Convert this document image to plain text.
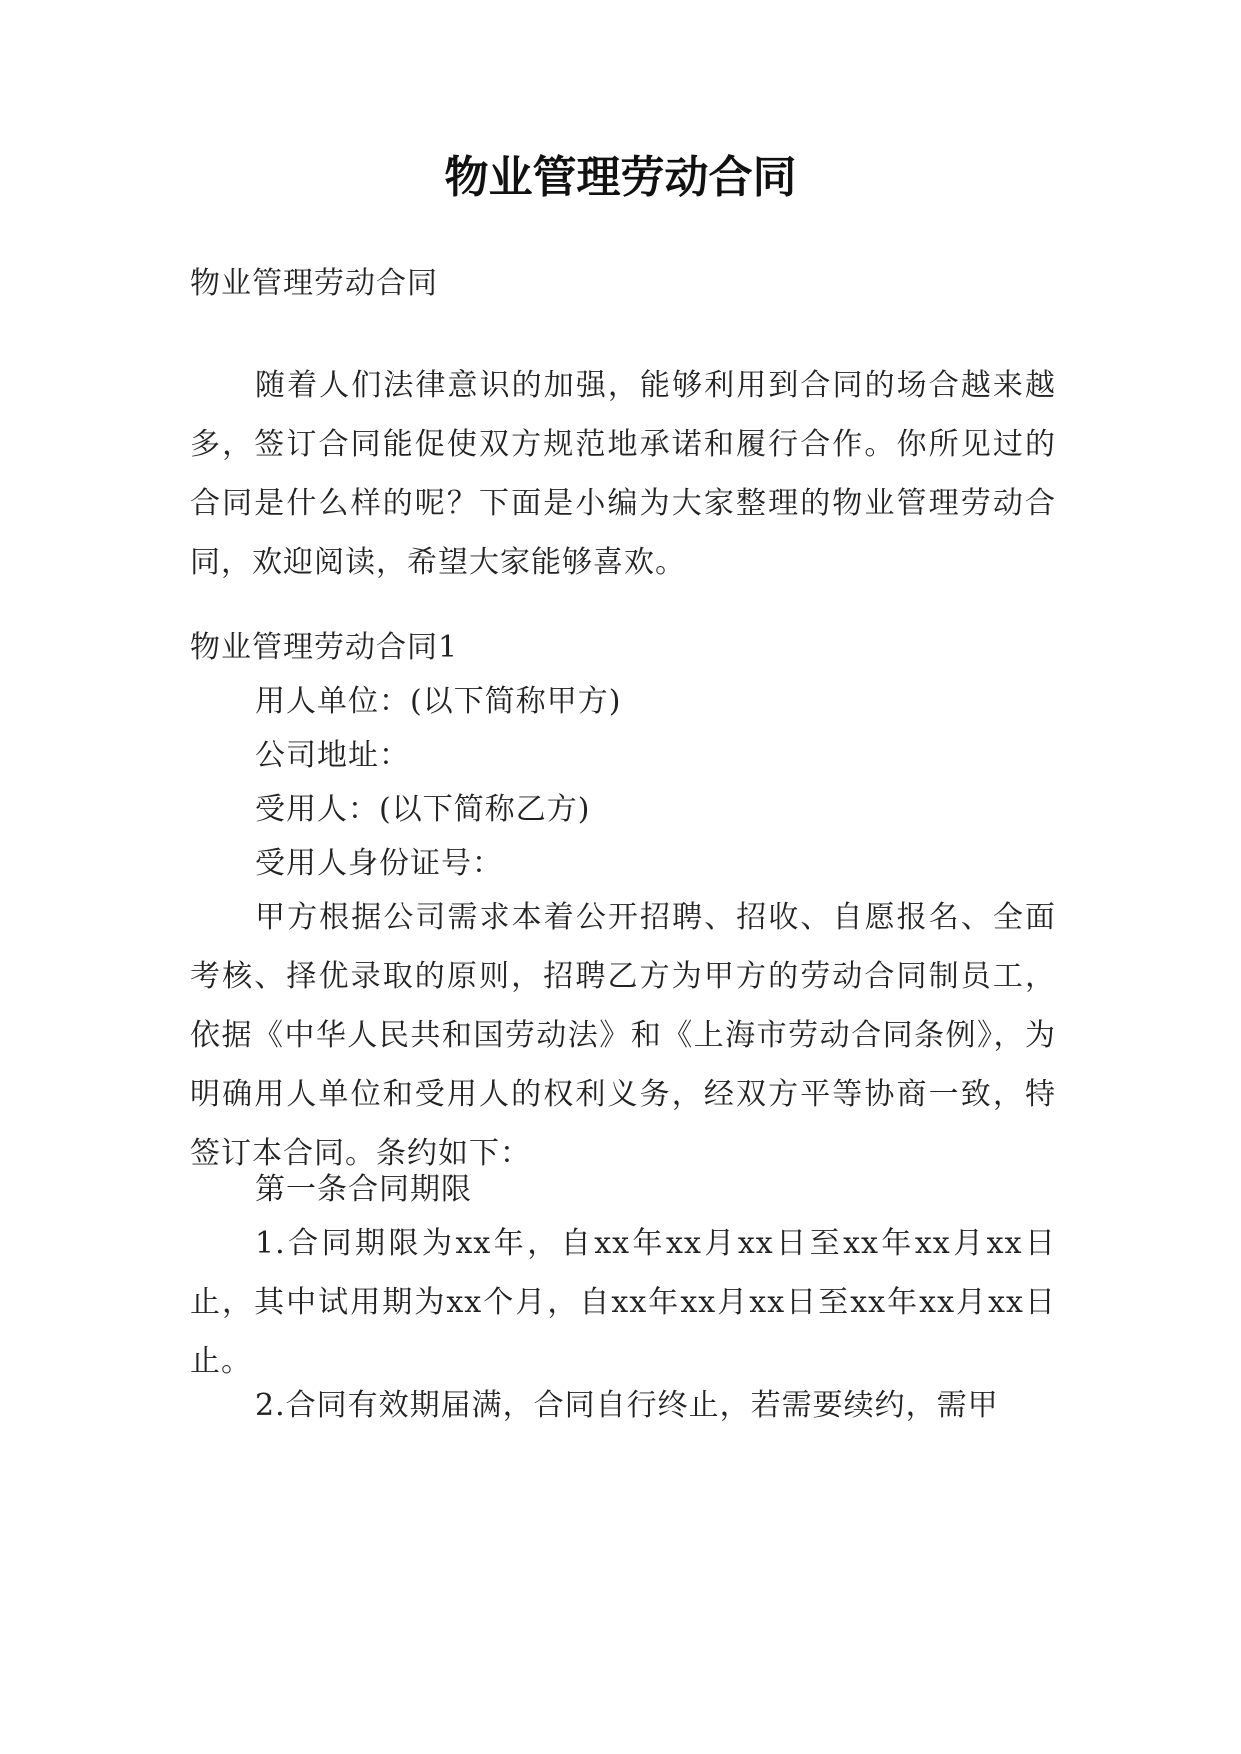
物业管理劳动合同

物业管理劳动合同

随着人们法律意识的加强，能够利用到合同的场合越来越多，签订合同能促使双方规范地承诺和履行合作。你所见过的合同是什么样的呢？下面是小编为大家整理的物业管理劳动合同，欢迎阅读，希望大家能够喜欢。

物业管理劳动合同1

用人单位：(以下简称甲方)

公司地址：

受用人：(以下简称乙方)

受用人身份证号：

甲方根据公司需求本着公开招聘、招收、自愿报名、全面考核、择优录取的原则，招聘乙方为甲方的劳动合同制员工，依据《中华人民共和国劳动法》和《上海市劳动合同条例》，为明确用人单位和受用人的权利义务，经双方平等协商一致，特签订本合同。条约如下：

第一条合同期限

1.合同期限为xx年，自xx年xx月xx日至xx年xx月xx日止，其中试用期为xx个月，自xx年xx月xx日至xx年xx月xx日止。

2.合同有效期届满，合同自行终止，若需要续约，需甲
